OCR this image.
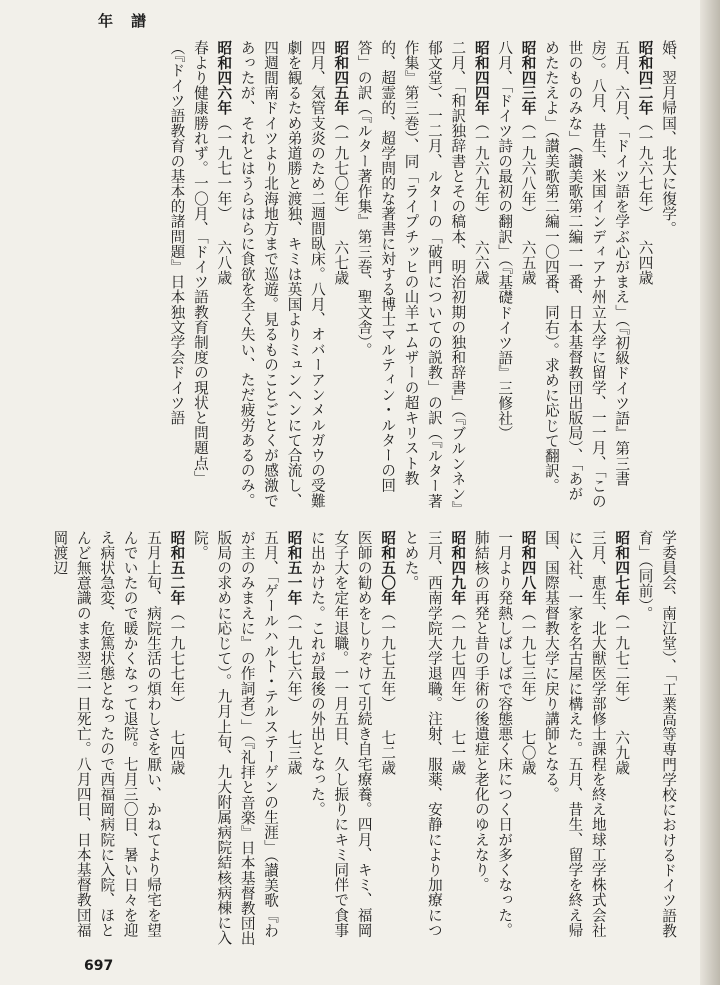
年譜
婚、翌月帰国、北大に復学。
昭和四二年（一九六七年）六四歳
五月、六月、「ドイツ語を学ぶ心がまえ」（『初級ドイツ語』第三書房）。八月、昔生、米国インディアナ州立大学に留学、一一月、「この世のものみな」（讃美歌第二編一一番、日本基督教団出版局）、「あがめたたえよ」（讃美歌第二編一〇四番、同右）。求めに応じて翻訳。
昭和四三年（一九六八年）六五歳
八月、「ドイツ詩の最初の翻訳」（『基礎ドイツ語』三修社）
昭和四四年（一九六九年）六六歳
二月、「和訳独辞書とその稿本、明治初期の独和辞書」（『ブルンネン』郁文堂）、一二月、ルターの「破門についての説教」の訳（『ルター著作集』第三巻）、同「ライプチッヒの山羊エムザーの超キリスト教的、超霊的、超学問的な著書に対する博士マルティン・ルターの回答」の訳（『ルター著作集』第三巻、聖文舎）。
昭和四五年（一九七〇年）六七歳
四月、気管支炎のため二週間臥床。八月、オバーアンメルガウの受難劇を観るため弟道勝と渡独、キミは英国よりミュンヘンにて合流し、四週間南ドイツより北海地方まで巡遊。見るものことごとくが感激であったが、それとはうらはらに食欲を全く失い、ただ疲労あるのみ。
昭和四六年（一九七一年）六八歳
春より健康勝れず。一〇月、「ドイツ語教育制度の現状と問題点」（『ドイツ語教育の基本的諸問題』日本独文学会ドイツ語
学委員会、南江堂）、「工業高等専門学校におけるドイツ語教育」（同前）。
昭和四七年（一九七二年）六九歳
三月、恵生、北大獣医学部修士課程を終え地球工学株式会社に入社、一家を名古屋に構えた。五月、昔生、留学を終え帰国、国際基督教大学に戻り講師となる。
昭和四八年（一九七三年）七〇歳
一月より発熱しばしばで容態悪く床につく日が多くなった。肺結核の再発と昔の手術の後遺症と老化のゆえなり。
昭和四九年（一九七四年）七一歳
三月、西南学院大学退職。注射、服薬、安静により加療につとめた。
昭和五〇年（一九七五年）七二歳
医師の勧めをしりぞけて引続き自宅療養。四月、キミ、福岡女子大を定年退職。一一月五日、久し振りにキミ同伴で食事に出かけた。これが最後の外出となった。
昭和五一年（一九七六年）七三歳
五月、「ゲールハルト・テルステーゲンの生涯」（讃美歌『わが主のみまえに』の作詞者）」（『礼拝と音楽』日本基督教団出版局の求めに応じて）。九月上旬、九大附属病院結核病棟に入院。
昭和五二年（一九七七年）七四歳
五月上旬、病院生活の煩わしさを厭い、かねてより帰宅を望んでいたので暖かくなって退院。七月三〇日、暑い日々を迎え病状急変、危篤状態となったので西福岡病院に入院、ほとんど無意識のまま翌三一日死亡。八月四日、日本基督教団福岡渡辺
697
